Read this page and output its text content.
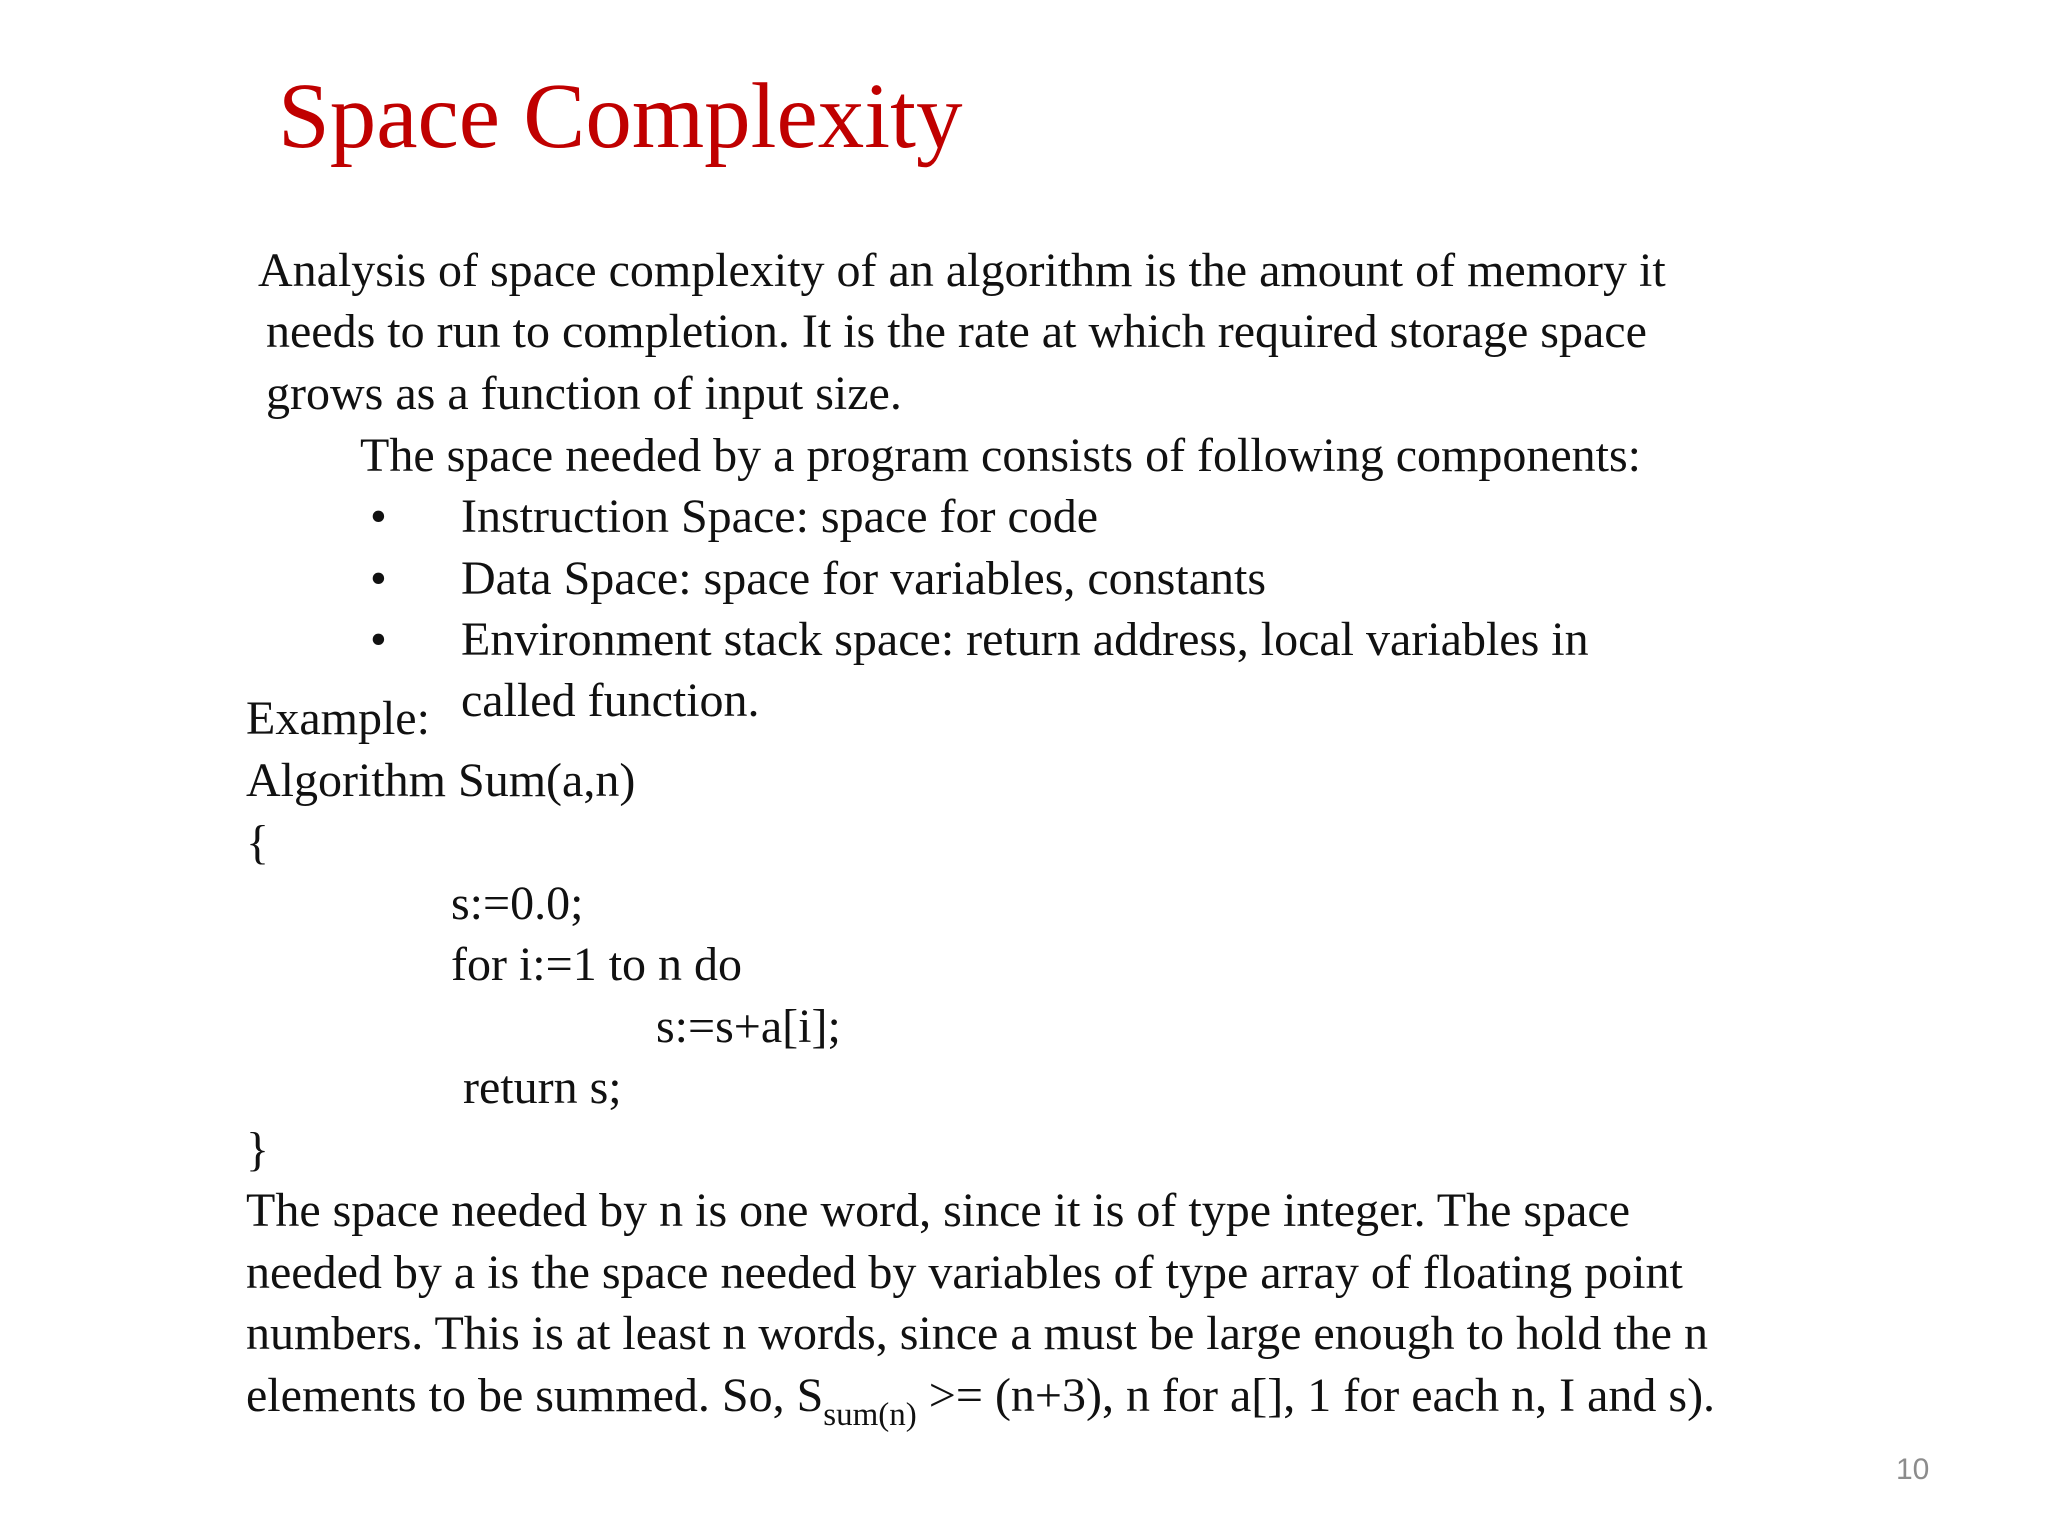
Space Complexity
Analysis of space complexity of an algorithm is the amount of memory it
needs to run to completion. It is the rate at which required storage space
grows as a function of input size.
The space needed by a program consists of following components:
• Instruction Space: space for code
• Data Space: space for variables, constants
• Environment stack space: return address, local variables in
called function.
Example:
Algorithm Sum(a,n)
{
s:=0.0;
for i:=1 to n do
s:=s+a[i];
return s;
}
The space needed by n is one word, since it is of type integer. The space
needed by a is the space needed by variables of type array of floating point
numbers. This is at least n words, since a must be large enough to hold the n
elements to be summed. So, $S_{sum(n)} >= (n+3)$, n for a[], 1 for each n, I and s).
10
